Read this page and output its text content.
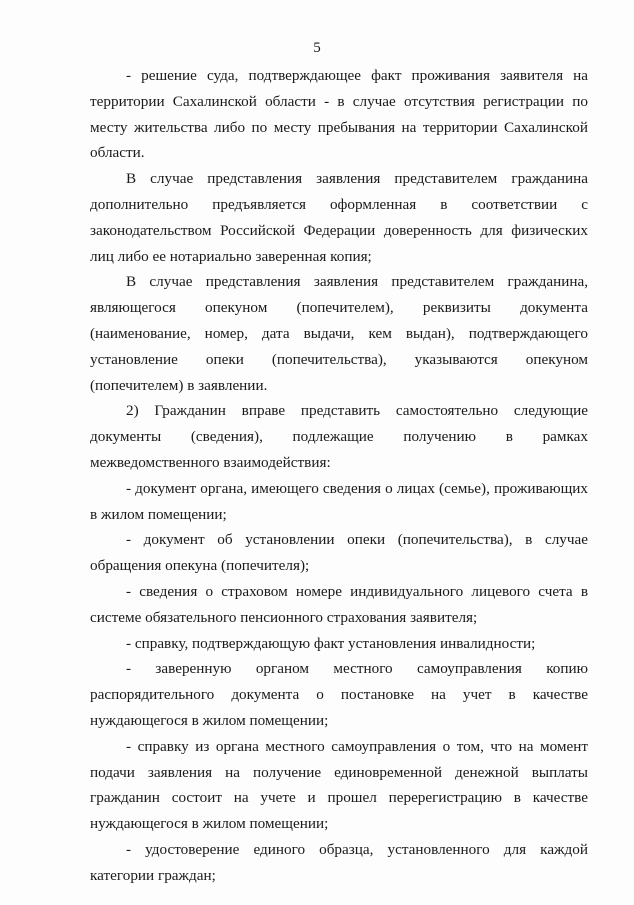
5

- решение суда, подтверждающее факт проживания заявителя на территории Сахалинской области - в случае отсутствия регистрации по месту жительства либо по месту пребывания на территории Сахалинской области.

В случае представления заявления представителем гражданина дополнительно предъявляется оформленная в соответствии с законодательством Российской Федерации доверенность для физических лиц либо ее нотариально заверенная копия;

В случае представления заявления представителем гражданина, являющегося опекуном (попечителем), реквизиты документа (наименование, номер, дата выдачи, кем выдан), подтверждающего установление опеки (попечительства), указываются опекуном (попечителем) в заявлении.

2) Гражданин вправе представить самостоятельно следующие документы (сведения), подлежащие получению в рамках межведомственного взаимодействия:

- документ органа, имеющего сведения о лицах (семье), проживающих в жилом помещении;

- документ об установлении опеки (попечительства), в случае обращения опекуна (попечителя);

- сведения о страховом номере индивидуального лицевого счета в системе обязательного пенсионного страхования заявителя;

- справку, подтверждающую факт установления инвалидности;

- заверенную органом местного самоуправления копию распорядительного документа о постановке на учет в качестве нуждающегося в жилом помещении;

- справку из органа местного самоуправления о том, что на момент подачи заявления на получение единовременной денежной выплаты гражданин состоит на учете и прошел перерегистрацию в качестве нуждающегося в жилом помещении;

- удостоверение единого образца, установленного для каждой категории граждан;
